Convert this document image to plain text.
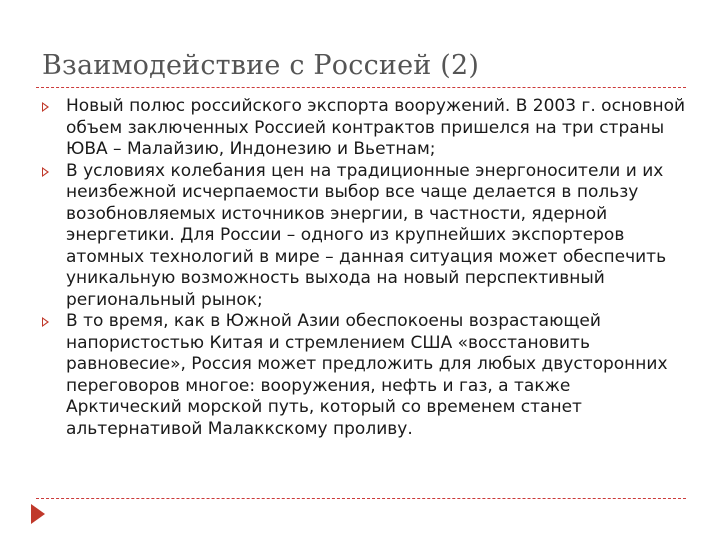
Взаимодействие с Россией (2)
Новый полюс российского экспорта вооружений. В 2003 г. основной объем заключенных Россией контрактов пришелся на три страны ЮВА – Малайзию, Индонезию и Вьетнам;
В условиях колебания цен на традиционные энергоносители и их неизбежной исчерпаемости выбор все чаще делается в пользу возобновляемых источников энергии, в частности, ядерной энергетики. Для России – одного из крупнейших экспортеров атомных технологий в мире – данная ситуация может обеспечить уникальную возможность выхода на новый перспективный региональный рынок;
В то время, как в Южной Азии обеспокоены возрастающей напористостью Китая и стремлением США «восстановить равновесие», Россия может предложить для любых двусторонних переговоров многое: вооружения, нефть и газ, а также Арктический морской путь, который со временем станет альтернативой Малаккскому проливу.
